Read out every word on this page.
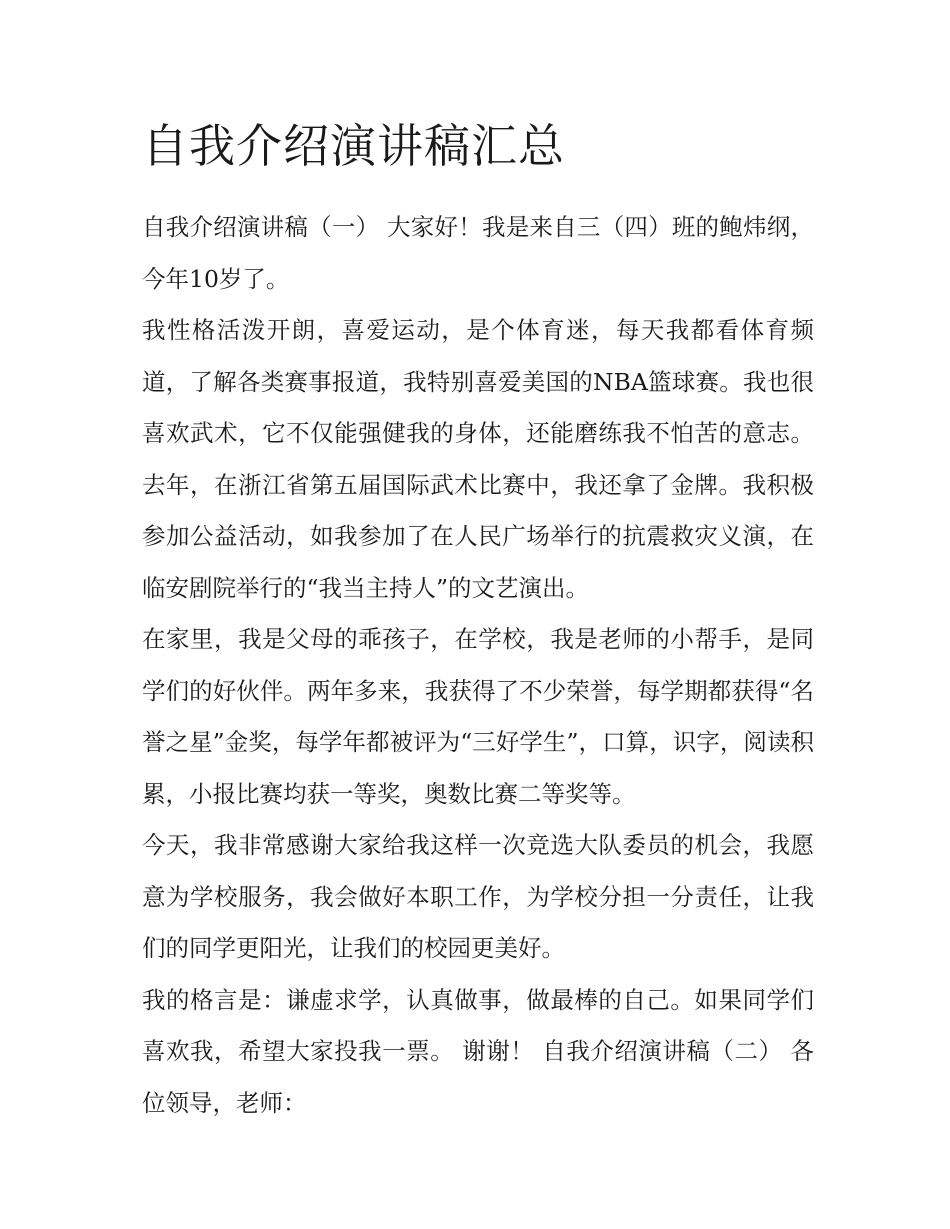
自我介绍演讲稿汇总

自我介绍演讲稿（一） 大家好！我是来自三（四）班的鲍炜纲，今年10岁了。

我性格活泼开朗，喜爱运动，是个体育迷，每天我都看体育频道，了解各类赛事报道，我特别喜爱美国的NBA篮球赛。我也很喜欢武术，它不仅能强健我的身体，还能磨练我不怕苦的意志。去年，在浙江省第五届国际武术比赛中，我还拿了金牌。我积极参加公益活动，如我参加了在人民广场举行的抗震救灾义演，在临安剧院举行的“我当主持人”的文艺演出。

在家里，我是父母的乖孩子，在学校，我是老师的小帮手，是同学们的好伙伴。两年多来，我获得了不少荣誉，每学期都获得“名誉之星”金奖，每学年都被评为“三好学生”，口算，识字，阅读积累，小报比赛均获一等奖，奥数比赛二等奖等。

今天，我非常感谢大家给我这样一次竞选大队委员的机会，我愿意为学校服务，我会做好本职工作，为学校分担一分责任，让我们的同学更阳光，让我们的校园更美好。

我的格言是：谦虚求学，认真做事，做最棒的自己。如果同学们喜欢我，希望大家投我一票。 谢谢！ 自我介绍演讲稿（二） 各位领导，老师：
